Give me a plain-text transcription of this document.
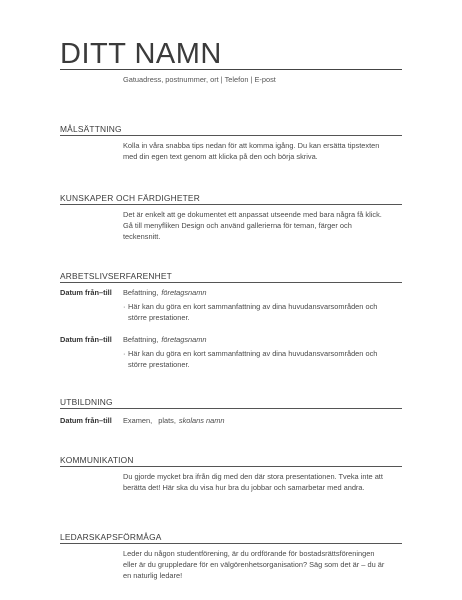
DITT NAMN
Gatuadress, postnummer, ort | Telefon | E-post
MÅLSÄTTNING

Kolla in våra snabba tips nedan för att komma igång. Du kan ersätta tipstexten med din egen text genom att klicka på den och börja skriva.

KUNSKAPER OCH FÄRDIGHETER

Det är enkelt att ge dokumentet ett anpassat utseende med bara några få klick. Gå till menyfliken Design och använd gallerierna för teman, färger och teckensnitt.

ARBETSLIVSERFARENHET
Datum från–till Befattning, företagsnamn

· Här kan du göra en kort sammanfattning av dina huvudansvarsområden och större prestationer.

Datum från–till Befattning, företagsnamn

· Här kan du göra en kort sammanfattning av dina huvudansvarsområden och större prestationer.

UTBILDNING
Datum från–till Examen, plats, skolans namn
KOMMUNIKATION

Du gjorde mycket bra ifrån dig med den där stora presentationen. Tveka inte att berätta det! Här ska du visa hur bra du jobbar och samarbetar med andra.

LEDARSKAPSFÖRMÅGA

Leder du någon studentförening, är du ordförande för bostadsrättsföreningen eller är du gruppledare för en välgörenhetsorganisation? Säg som det är – du är en naturlig ledare!
